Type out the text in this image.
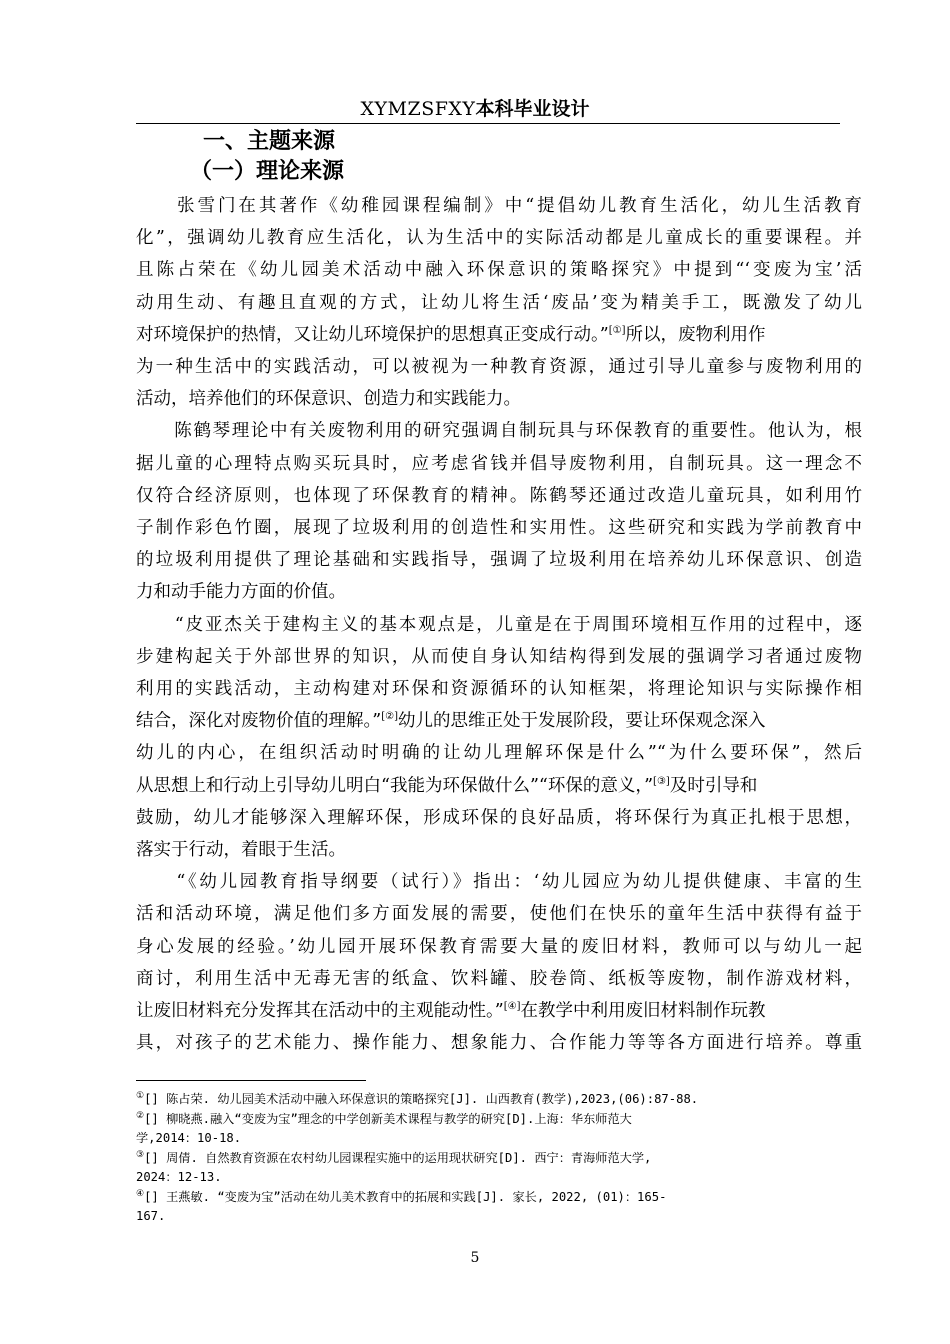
XYMZSFXY本科毕业设计
一、主题来源
（一）理论来源

　　张雪门在其著作《幼稚园课程编制》中“提倡幼儿教育生活化，幼儿生活教育
化”，强调幼儿教育应生活化，认为生活中的实际活动都是儿童成长的重要课程。并
且陈占荣在《幼儿园美术活动中融入环保意识的策略探究》中提到“‘变废为宝’活
动用生动、有趣且直观的方式，让幼儿将生活‘废品’变为精美手工，既激发了幼儿
对环境保护的热情，又让幼儿环境保护的思想真正变成行动。”[①]所以，废物利用作
为一种生活中的实践活动，可以被视为一种教育资源，通过引导儿童参与废物利用的
活动，培养他们的环保意识、创造力和实践能力。

　　陈鹤琴理论中有关废物利用的研究强调自制玩具与环保教育的重要性。他认为，根
据儿童的心理特点购买玩具时，应考虑省钱并倡导废物利用，自制玩具。这一理念不
仅符合经济原则，也体现了环保教育的精神。陈鹤琴还通过改造儿童玩具，如利用竹
子制作彩色竹圈，展现了垃圾利用的创造性和实用性。这些研究和实践为学前教育中
的垃圾利用提供了理论基础和实践指导，强调了垃圾利用在培养幼儿环保意识、创造
力和动手能力方面的价值。

　　“皮亚杰关于建构主义的基本观点是，儿童是在于周围环境相互作用的过程中，逐
步建构起关于外部世界的知识，从而使自身认知结构得到发展的强调学习者通过废物
利用的实践活动，主动构建对环保和资源循环的认知框架，将理论知识与实际操作相
结合，深化对废物价值的理解。”[②]幼儿的思维正处于发展阶段，要让环保观念深入
幼儿的内心，在组织活动时明确的让幼儿理解环保是什么”“为什么要环保”，然后
从思想上和行动上引导幼儿明白“我能为环保做什么”“环保的意义，”[③]及时引导和
鼓励，幼儿才能够深入理解环保，形成环保的良好品质，将环保行为真正扎根于思想，
落实于行动，着眼于生活。

　　“《幼儿园教育指导纲要（试行）》指出：‘幼儿园应为幼儿提供健康、丰富的生
活和活动环境，满足他们多方面发展的需要，使他们在快乐的童年生活中获得有益于
身心发展的经验。’幼儿园开展环保教育需要大量的废旧材料，教师可以与幼儿一起
商讨，利用生活中无毒无害的纸盒、饮料罐、胶卷筒、纸板等废物，制作游戏材料，
让废旧材料充分发挥其在活动中的主观能动性。”[④]在教学中利用废旧材料制作玩教
具，对孩子的艺术能力、操作能力、想象能力、合作能力等等各方面进行培养。尊重

①[] 陈占荣. 幼儿园美术活动中融入环保意识的策略探究[J]. 山西教育(教学),2023,(06):87-88.

②[] 柳晓燕.融入“变废为宝”理念的中学创新美术课程与教学的研究[D].上海：华东师范大
学,2014：10-18.

③[] 周倩. 自然教育资源在农村幼儿园课程实施中的运用现状研究[D]. 西宁：青海师范大学,
2024：12-13.

④[] 王燕敏. “变废为宝”活动在幼儿美术教育中的拓展和实践[J]. 家长, 2022, (01)：165-
167.

5
